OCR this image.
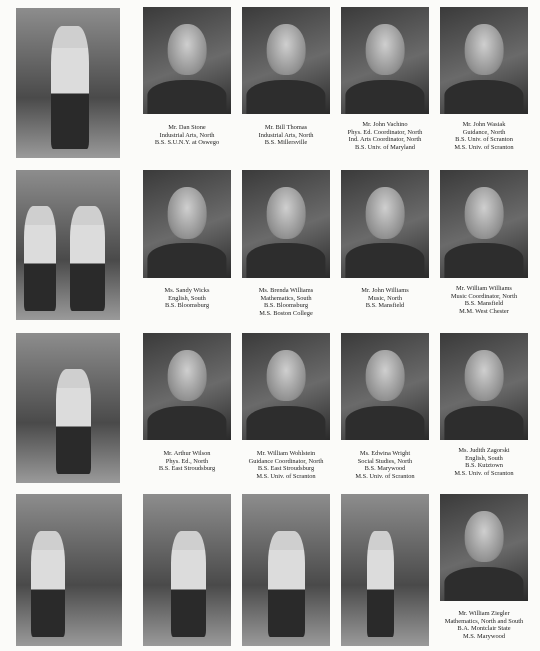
Mr. Dan Stone
Industrial Arts, North
B.S. S.U.N.Y. at Oswego
Mr. Bill Thomas
Industrial Arts, North
B.S. Millersville
Mr. John Vachino
Phys. Ed. Coordinator, North
Ind. Arts Coordinator, North
B.S. Univ. of Maryland
Mr. John Wasiak
Guidance, North
B.S. Univ. of Scranton
M.S. Univ. of Scranton
Ms. Sandy Wicks
English, South
B.S. Bloomsburg
Ms. Brenda Williams
Mathematics, South
B.S. Bloomsburg
M.S. Boston College
Mr. John Williams
Music, North
B.S. Mansfield
Mr. William Williams
Music Coordinator, North
B.S. Mansfield
M.M. West Chester
Mr. Arthur Wilson
Phys. Ed., North
B.S. East Stroudsburg
Mr. William Wohlstein
Guidance Coordinator, North
B.S. East Stroudsburg
M.S. Univ. of Scranton
Ms. Edwina Wright
Social Studies, North
B.S. Marywood
M.S. Univ. of Scranton
Ms. Judith Zagorski
English, South
B.S. Kutztown
M.S. Univ. of Scranton
Mr. William Ziegler
Mathematics, North and South
B.A. Montclair State
M.S. Marywood
